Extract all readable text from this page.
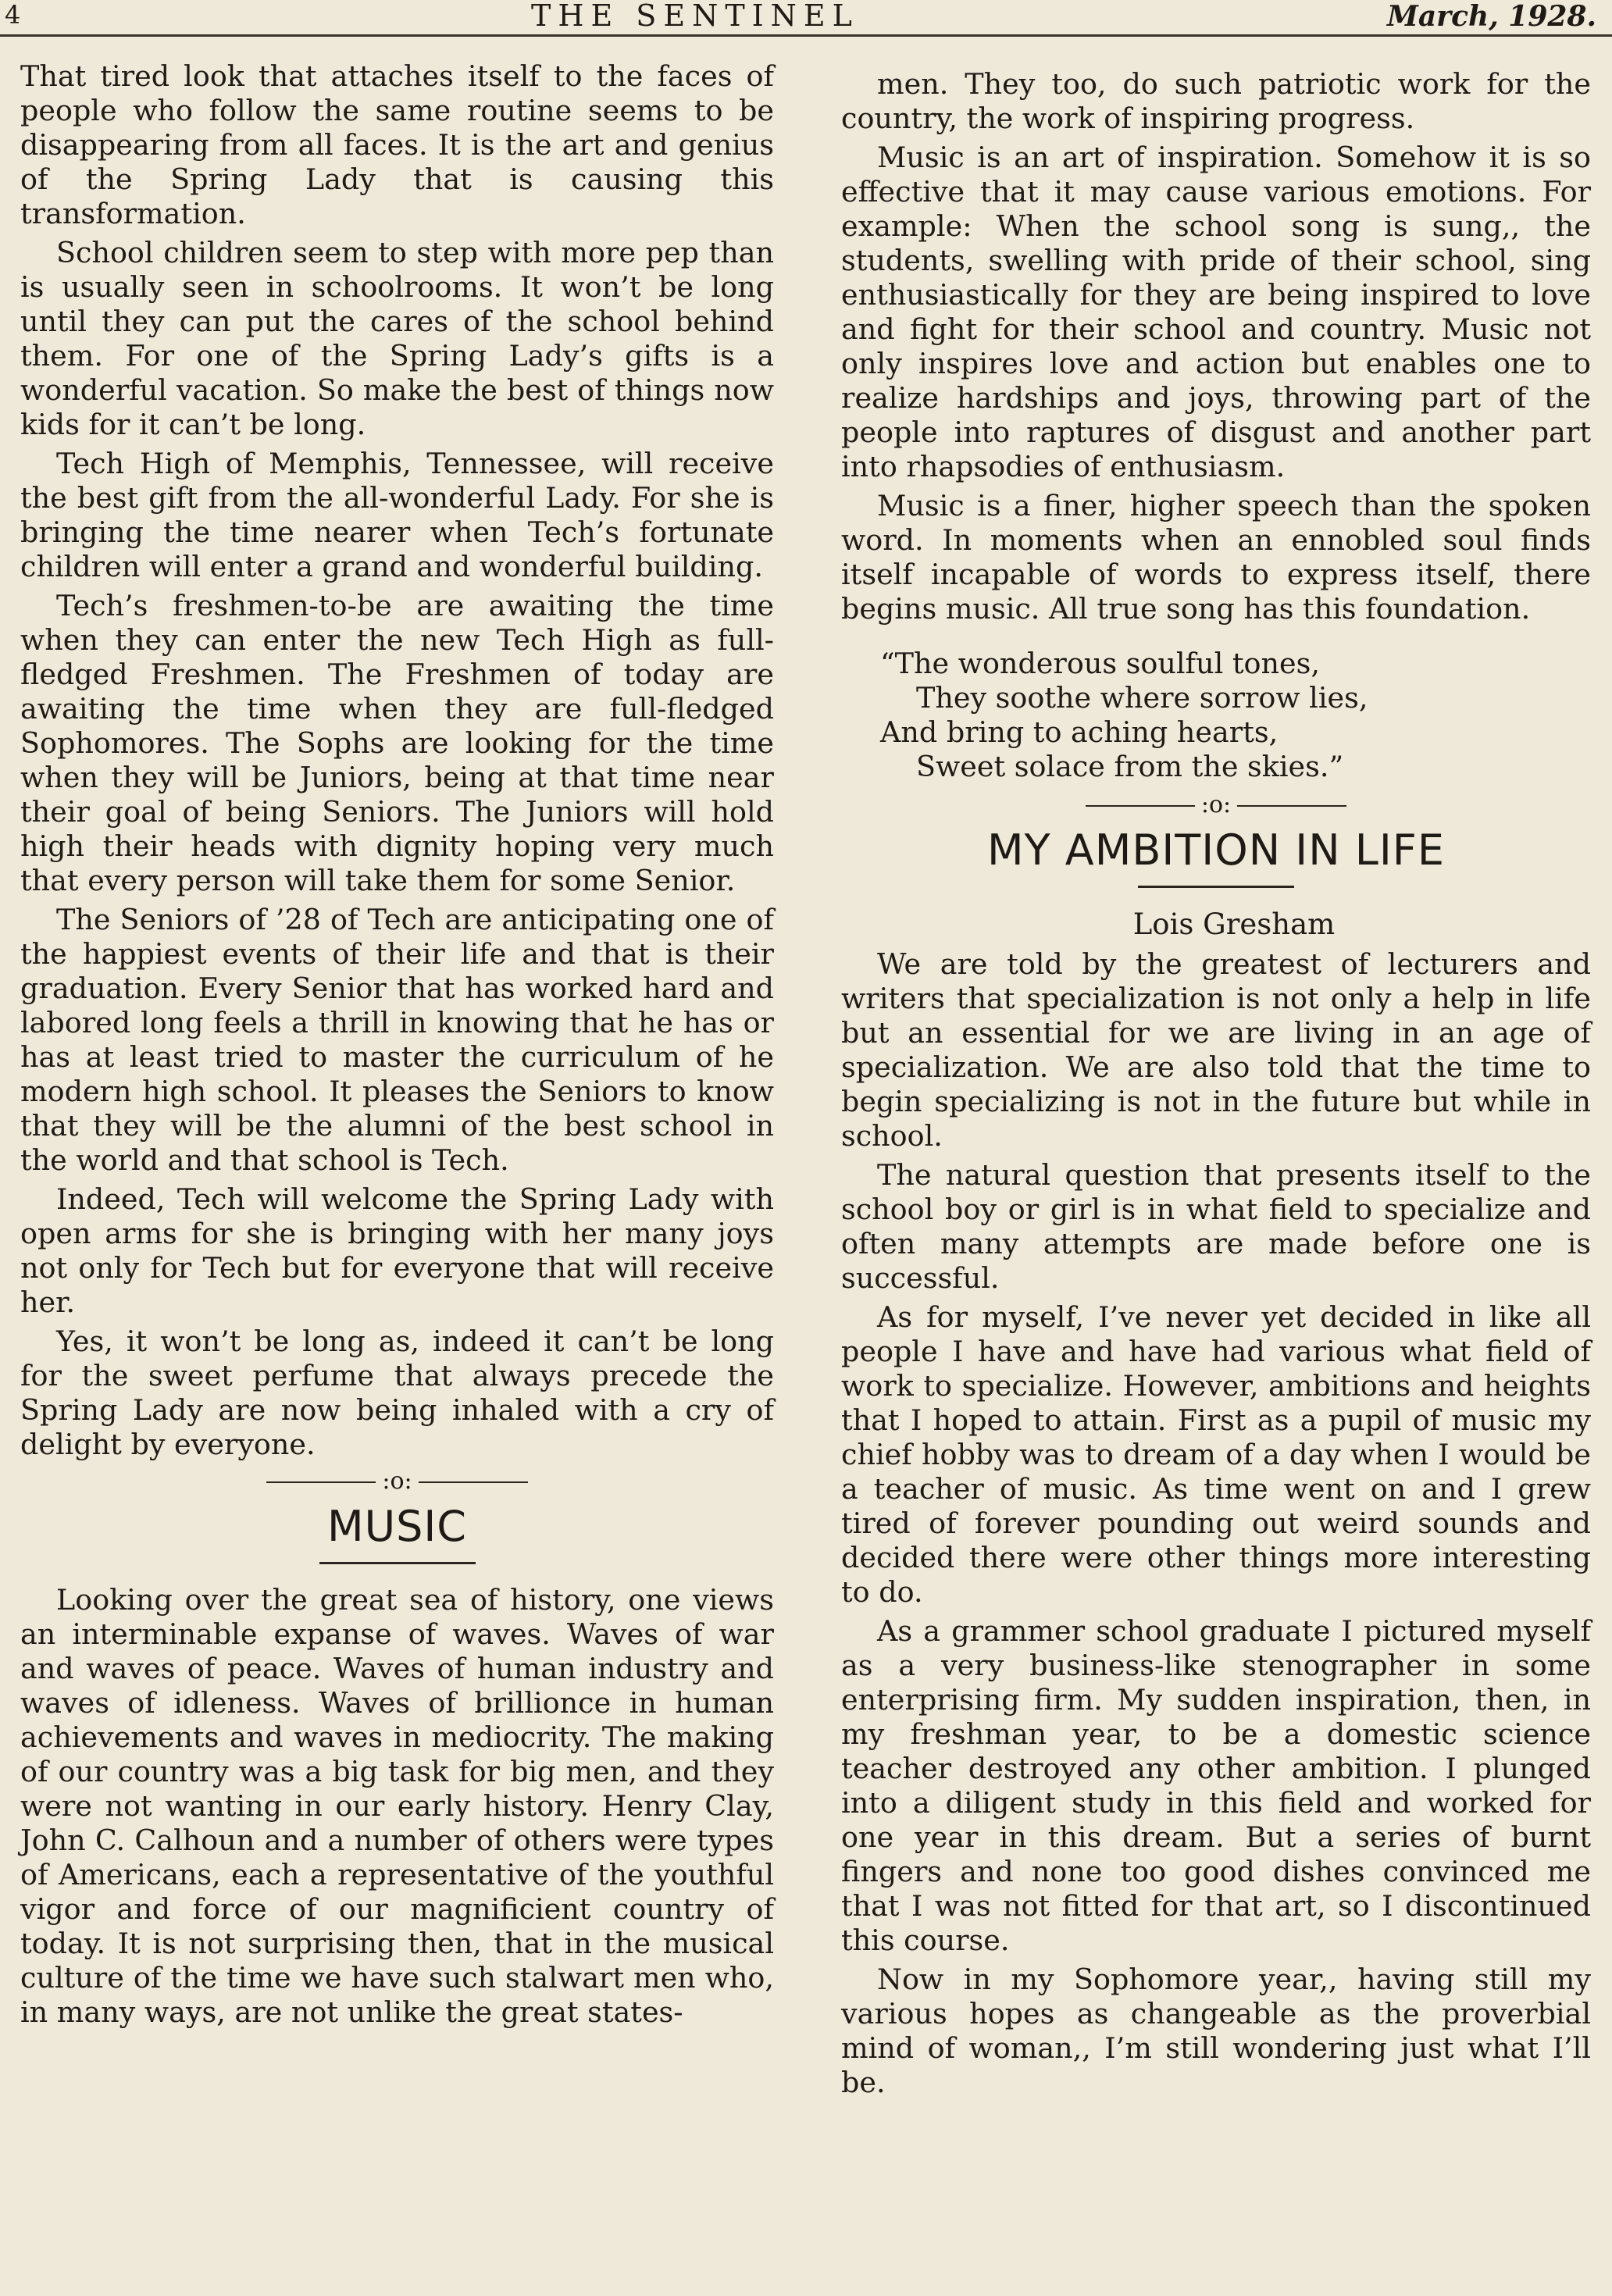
4	THE SENTINEL	March, 1928.

That tired look that attaches itself to the faces of people who follow the same routine seems to be disappearing from all faces. It is the art and genius of the Spring Lady that is causing this transformation.

School children seem to step with more pep than is usually seen in schoolrooms. It won’t be long until they can put the cares of the school behind them. For one of the Spring Lady’s gifts is a wonderful vacation. So make the best of things now kids for it can’t be long.

Tech High of Memphis, Tennessee, will receive the best gift from the all-wonderful Lady. For she is bringing the time nearer when Tech’s fortunate children will enter a grand and wonderful building.

Tech’s freshmen-to-be are awaiting the time when they can enter the new Tech High as full-fledged Freshmen. The Freshmen of today are awaiting the time when they are full-fledged Sophomores. The Sophs are looking for the time when they will be Juniors, being at that time near their goal of being Seniors. The Juniors will hold high their heads with dignity hoping very much that every person will take them for some Senior.

The Seniors of ’28 of Tech are anticipating one of the happiest events of their life and that is their graduation. Every Senior that has worked hard and labored long feels a thrill in knowing that he has or has at least tried to master the curriculum of he modern high school. It pleases the Seniors to know that they will be the alumni of the best school in the world and that school is Tech.

Indeed, Tech will welcome the Spring Lady with open arms for she is bringing with her many joys not only for Tech but for everyone that will receive her.

Yes, it won’t be long as, indeed it can’t be long for the sweet perfume that always precede the Spring Lady are now being inhaled with a cry of delight by everyone.

:o:
MUSIC

Looking over the great sea of history, one views an interminable expanse of waves. Waves of war and waves of peace. Waves of human industry and waves of idleness. Waves of brillionce in human achievements and waves in mediocrity. The making of our country was a big task for big men, and they were not wanting in our early history. Henry Clay, John C. Calhoun and a number of others were types of Americans, each a representative of the youthful vigor and force of our magnificient country of today. It is not surprising then, that in the musical culture of the time we have such stalwart men who, in many ways, are not unlike the great states-

men. They too, do such patriotic work for the country, the work of inspiring progress.

Music is an art of inspiration. Somehow it is so effective that it may cause various emotions. For example: When the school song is sung,, the students, swelling with pride of their school, sing enthusiastically for they are being inspired to love and fight for their school and country. Music not only inspires love and action but enables one to realize hardships and joys, throwing part of the people into raptures of disgust and another part into rhapsodies of enthusiasm.

Music is a finer, higher speech than the spoken word. In moments when an ennobled soul finds itself incapable of words to express itself, there begins music. All true song has this foundation.

“The wonderous soulful tones,
They soothe where sorrow lies,
And bring to aching hearts,
Sweet solace from the skies.”
:o:
MY AMBITION IN LIFE

Lois Gresham

We are told by the greatest of lecturers and writers that specialization is not only a help in life but an essential for we are living in an age of specialization. We are also told that the time to begin specializing is not in the future but while in school.

The natural question that presents itself to the school boy or girl is in what field to specialize and often many attempts are made before one is successful.

As for myself, I’ve never yet decided in like all people I have and have had various what field of work to specialize. However, ambitions and heights that I hoped to attain. First as a pupil of music my chief hobby was to dream of a day when I would be a teacher of music. As time went on and I grew tired of forever pounding out weird sounds and decided there were other things more interesting to do.

As a grammer school graduate I pictured myself as a very business-like stenographer in some enterprising firm. My sudden inspiration, then, in my freshman year, to be a domestic science teacher destroyed any other ambition. I plunged into a diligent study in this field and worked for one year in this dream. But a series of burnt fingers and none too good dishes convinced me that I was not fitted for that art, so I discontinued this course.

Now in my Sophomore year,, having still my various hopes as changeable as the proverbial mind of woman,, I’m still wondering just what I’ll be.
